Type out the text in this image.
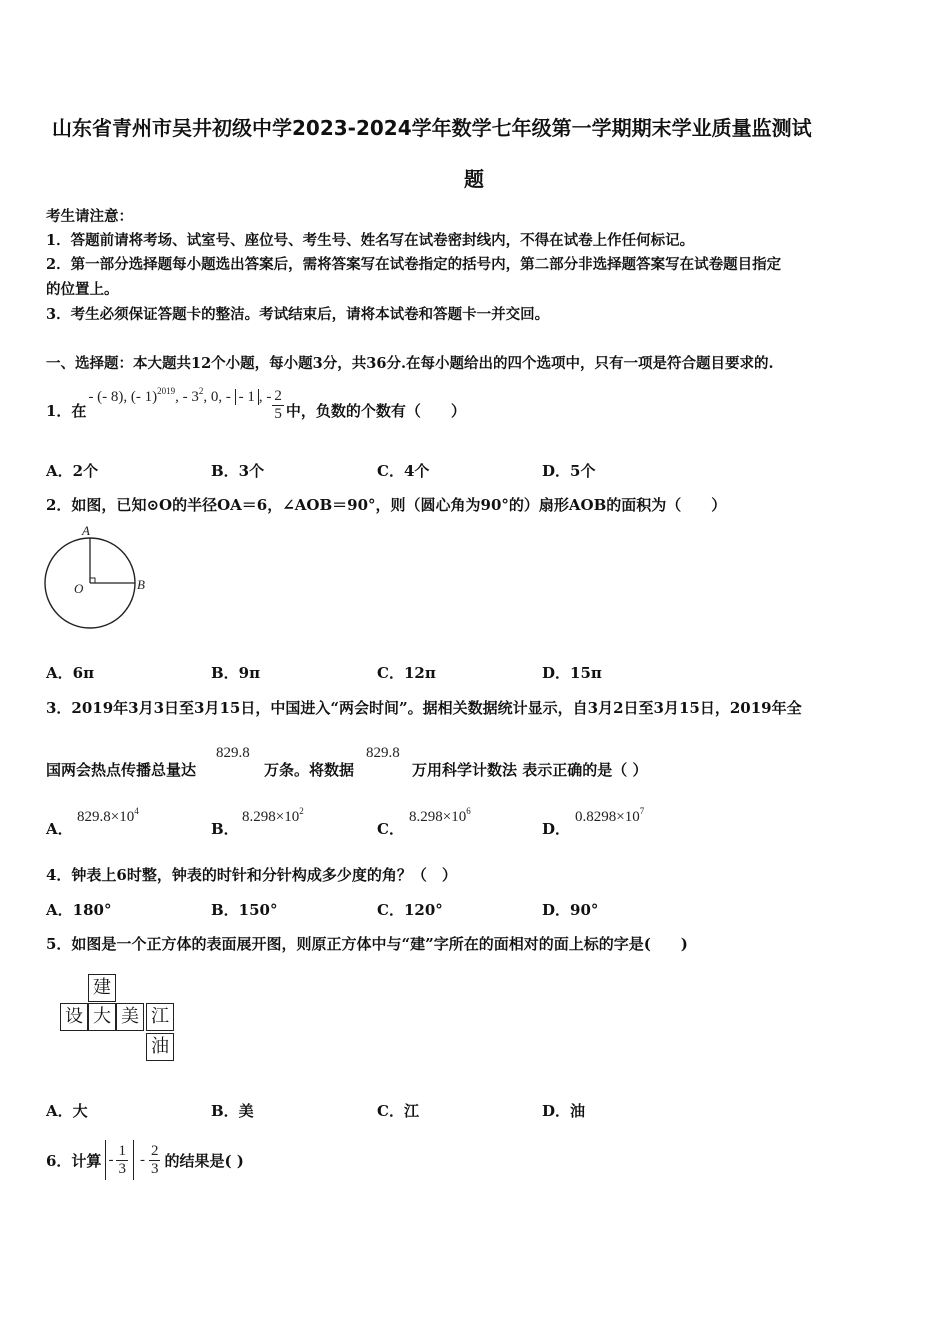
山东省青州市吴井初级中学2023-2024学年数学七年级第一学期期末学业质量监测试
题
考生请注意：
1．答题前请将考场、试室号、座位号、考生号、姓名写在试卷密封线内，不得在试卷上作任何标记。
2．第一部分选择题每小题选出答案后，需将答案写在试卷指定的括号内，第二部分非选择题答案写在试卷题目指定
的位置上。
3．考生必须保证答题卡的整洁。考试结束后，请将本试卷和答题卡一并交回。
一、选择题：本大题共12个小题，每小题3分，共36分.在每小题给出的四个选项中，只有一项是符合题目要求的.
1．在
- (- 8), (- 1)$^{2019}$, - $3^2$, 0, - - 1 , - $\frac{2}{5}$ 中，负数的个数有（　　）
A．2个	B．3个	C．4个	D．5个
2．如图，已知⊙O的半径OA＝6，∠AOB＝90°，则（圆心角为90°的）扇形AOB的面积为（　　）
A
O	B
A．6π	B．9π	C．12π	D．15π
3．2019年3月3日至3月15日，中国进入“两会时间”。据相关数据统计显示，自3月2日至3月15日，2019年全
国两会热点传播总量达
829.8
万条。将数据
829.8
万用科学计数法 表示正确的是（ ）
A．
$829.8\times 10^4$
B．
$8.298\times 10^2$
C．
$8.298\times 10^6$
D．
$0.8298\times 10^7$
4．钟表上6时整，钟表的时针和分针构成多少度的角？（　）
A．180°	B．150°	C．120°	D．90°
5．如图是一个正方体的表面展开图，则原正方体中与“建”字所在的面相对的面上标的字是(　　)
建
设 大 美 江
油
A．大	B．美	C．江	D．油
6．计算 - $\frac{1}{3} - \frac{2}{3}$ 的结果是( )
